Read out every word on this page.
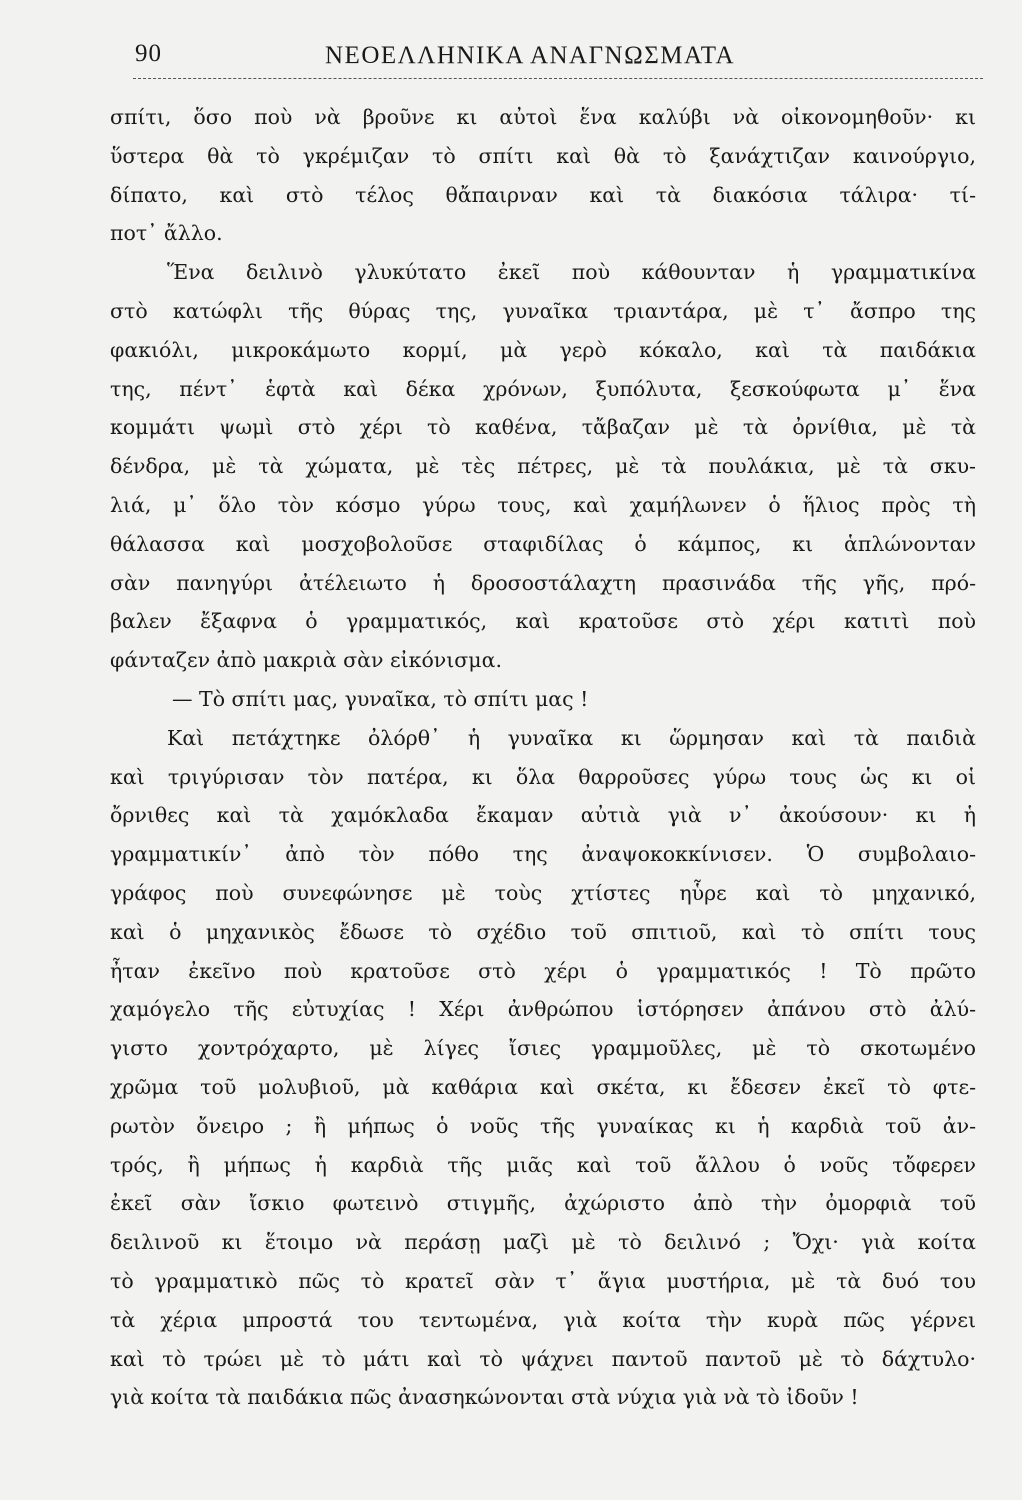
90	ΝΕΟΕΛΛΗΝΙΚΑ ΑΝΑΓΝΩΣΜΑΤΑ
σπίτι, ὅσο ποὺ νὰ βροῦνε κι αὐτοὶ ἕνα καλύβι νὰ οἰκονομηθοῦν· κι
ὕστερα θὰ τὸ γκρέμιζαν τὸ σπίτι καὶ θὰ τὸ ξανάχτιζαν καινούργιο,
δίπατο, καὶ στὸ τέλος θἄπαιρναν καὶ τὰ διακόσια τάλιρα· τί-
ποτ᾽ ἄλλο.
Ἕνα δειλινὸ γλυκύτατο ἐκεῖ ποὺ κάθουνταν ἡ γραμματικίνα
στὸ κατώφλι τῆς θύρας της, γυναῖκα τριαντάρα, μὲ τ᾽ ἄσπρο της
φακιόλι, μικροκάμωτο κορμί, μὰ γερὸ κόκαλο, καὶ τὰ παιδάκια
της, πέντ᾽ ἑφτὰ καὶ δέκα χρόνων, ξυπόλυτα, ξεσκούφωτα μ᾽ ἕνα
κομμάτι ψωμὶ στὸ χέρι τὸ καθένα, τἄβαζαν μὲ τὰ ὀρνίθια, μὲ τὰ
δένδρα, μὲ τὰ χώματα, μὲ τὲς πέτρες, μὲ τὰ πουλάκια, μὲ τὰ σκυ-
λιά, μ᾽ ὅλο τὸν κόσμο γύρω τους, καὶ χαμήλωνεν ὁ ἥλιος πρὸς τὴ
θάλασσα καὶ μοσχοβολοῦσε σταφιδίλας ὁ κάμπος, κι ἁπλώνονταν
σὰν πανηγύρι ἀτέλειωτο ἡ δροσοστάλαχτη πρασινάδα τῆς γῆς, πρό-
βαλεν ἔξαφνα ὁ γραμματικός, καὶ κρατοῦσε στὸ χέρι κατιτὶ ποὺ
φάνταζεν ἀπὸ μακριὰ σὰν εἰκόνισμα.
— Τὸ σπίτι μας, γυναῖκα, τὸ σπίτι μας !
Καὶ πετάχτηκε ὀλόρθ᾽ ἡ γυναῖκα κι ὥρμησαν καὶ τὰ παιδιὰ
καὶ τριγύρισαν τὸν πατέρα, κι ὅλα θαρροῦσες γύρω τους ὡς κι οἱ
ὄρνιθες καὶ τὰ χαμόκλαδα ἔκαμαν αὐτιὰ γιὰ ν᾽ ἀκούσουν· κι ἡ
γραμματικίν᾽ ἀπὸ τὸν πόθο της ἀναψοκοκκίνισεν. Ὁ συμβολαιο-
γράφος ποὺ συνεφώνησε μὲ τοὺς χτίστες ηὗρε καὶ τὸ μηχανικό,
καὶ ὁ μηχανικὸς ἔδωσε τὸ σχέδιο τοῦ σπιτιοῦ, καὶ τὸ σπίτι τους
ἦταν ἐκεῖνο ποὺ κρατοῦσε στὸ χέρι ὁ γραμματικός ! Τὸ πρῶτο
χαμόγελο τῆς εὐτυχίας ! Χέρι ἀνθρώπου ἱστόρησεν ἀπάνου στὸ ἀλύ-
γιστο χοντρόχαρτο, μὲ λίγες ἴσιες γραμμοῦλες, μὲ τὸ σκοτωμένο
χρῶμα τοῦ μολυβιοῦ, μὰ καθάρια καὶ σκέτα, κι ἔδεσεν ἐκεῖ τὸ φτε-
ρωτὸν ὄνειρο ; ἢ μήπως ὁ νοῦς τῆς γυναίκας κι ἡ καρδιὰ τοῦ ἀν-
τρός, ἢ μήπως ἡ καρδιὰ τῆς μιᾶς καὶ τοῦ ἄλλου ὁ νοῦς τὄφερεν
ἐκεῖ σὰν ἴσκιο φωτεινὸ στιγμῆς, ἀχώριστο ἀπὸ τὴν ὀμορφιὰ τοῦ
δειλινοῦ κι ἕτοιμο νὰ περάσῃ μαζὶ μὲ τὸ δειλινό ; Ὄχι· γιὰ κοίτα
τὸ γραμματικὸ πῶς τὸ κρατεῖ σὰν τ᾽ ἅγια μυστήρια, μὲ τὰ δυό του
τὰ χέρια μπροστά του τεντωμένα, γιὰ κοίτα τὴν κυρὰ πῶς γέρνει
καὶ τὸ τρώει μὲ τὸ μάτι καὶ τὸ ψάχνει παντοῦ παντοῦ μὲ τὸ δάχτυλο·
γιὰ κοίτα τὰ παιδάκια πῶς ἀνασηκώνονται στὰ νύχια γιὰ νὰ τὸ ἰδοῦν !
